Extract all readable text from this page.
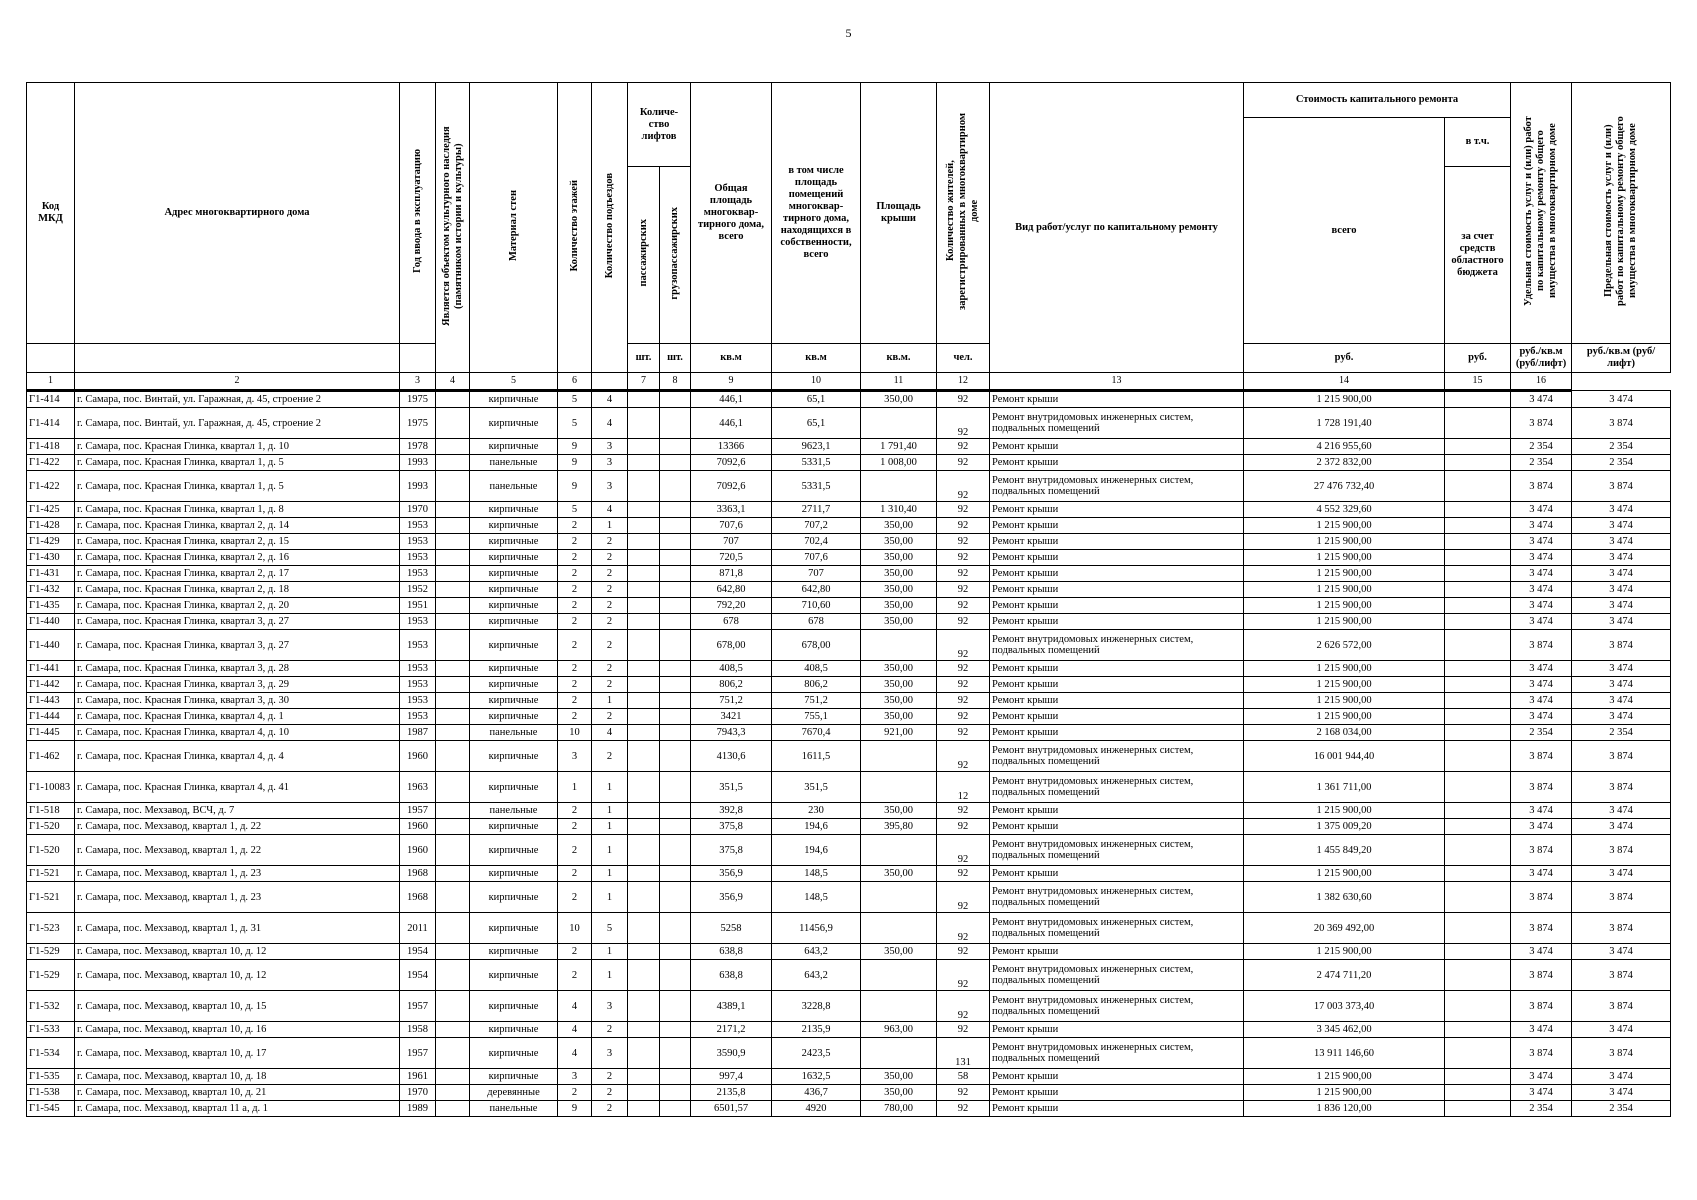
5
Код МКД	Адрес многоквартирного дома	Год ввода в эксплуатацию	Является объектом культурного наследия (памятником истории и культуры)	Материал стен	Количество этажей	Количество подъездов	Количе- ство лифтов		Общая площадь многоквар- тирного дома, всего	в том числе площадь помещений многоквар- тирного дома, находящихся в собственности, всего	Площадь крыши	Количество жителей, зарегистрированных в многоквартирном доме	Вид работ/услуг по капитальному ремонту	Стоимость капитального ремонта		Удельная стоимость услуг и (или) работ по капитальному ремонту общего имущества в многоквартирном доме	Предельная стоимость услуг и (или) работ по капитальному ремонту общего имущества в многоквартирном доме
														всего	в т.ч.		
							пассажирских	грузопассажирских							за счет средств областного бюджета		

							шт.	шт.	кв.м	кв.м	кв.м.	чел.		руб.	руб.	руб./кв.м (руб/лифт)	руб./кв.м (руб/лифт)
1	2	3	4	5	6		7	8	9	10	11	12	13	14	15	16	
Г1-414	г. Самара, пос. Винтай, ул. Гаражная, д. 45, строение 2	1975		кирпичные	5	4			446,1	65,1	350,00	92	Ремонт крыши	1 215 900,00		3 474	3 474
Г1-414	г. Самара, пос. Винтай, ул. Гаражная, д. 45, строение 2	1975		кирпичные	5	4			446,1	65,1		92	Ремонт внутридомовых инженерных систем, подвальных помещений	1 728 191,40		3 874	3 874
Г1-418	г. Самара, пос. Красная Глинка, квартал 1, д. 10	1978		кирпичные	9	3			13366	9623,1	1 791,40	92	Ремонт крыши	4 216 955,60		2 354	2 354
Г1-422	г. Самара, пос. Красная Глинка, квартал 1, д. 5	1993		панельные	9	3			7092,6	5331,5	1 008,00	92	Ремонт крыши	2 372 832,00		2 354	2 354
Г1-422	г. Самара, пос. Красная Глинка, квартал 1, д. 5	1993		панельные	9	3			7092,6	5331,5		92	Ремонт внутридомовых инженерных систем, подвальных помещений	27 476 732,40		3 874	3 874
Г1-425	г. Самара, пос. Красная Глинка, квартал 1, д. 8	1970		кирпичные	5	4			3363,1	2711,7	1 310,40	92	Ремонт крыши	4 552 329,60		3 474	3 474
Г1-428	г. Самара, пос. Красная Глинка, квартал 2, д. 14	1953		кирпичные	2	1			707,6	707,2	350,00	92	Ремонт крыши	1 215 900,00		3 474	3 474
Г1-429	г. Самара, пос. Красная Глинка, квартал 2, д. 15	1953		кирпичные	2	2			707	702,4	350,00	92	Ремонт крыши	1 215 900,00		3 474	3 474
Г1-430	г. Самара, пос. Красная Глинка, квартал 2, д. 16	1953		кирпичные	2	2			720,5	707,6	350,00	92	Ремонт крыши	1 215 900,00		3 474	3 474
Г1-431	г. Самара, пос. Красная Глинка, квартал 2, д. 17	1953		кирпичные	2	2			871,8	707	350,00	92	Ремонт крыши	1 215 900,00		3 474	3 474
Г1-432	г. Самара, пос. Красная Глинка, квартал 2, д. 18	1952		кирпичные	2	2			642,80	642,80	350,00	92	Ремонт крыши	1 215 900,00		3 474	3 474
Г1-435	г. Самара, пос. Красная Глинка, квартал 2, д. 20	1951		кирпичные	2	2			792,20	710,60	350,00	92	Ремонт крыши	1 215 900,00		3 474	3 474
Г1-440	г. Самара, пос. Красная Глинка, квартал 3, д. 27	1953		кирпичные	2	2			678	678	350,00	92	Ремонт крыши	1 215 900,00		3 474	3 474
Г1-440	г. Самара, пос. Красная Глинка, квартал 3, д. 27	1953		кирпичные	2	2			678,00	678,00		92	Ремонт внутридомовых инженерных систем, подвальных помещений	2 626 572,00		3 874	3 874
Г1-441	г. Самара, пос. Красная Глинка, квартал 3, д. 28	1953		кирпичные	2	2			408,5	408,5	350,00	92	Ремонт крыши	1 215 900,00		3 474	3 474
Г1-442	г. Самара, пос. Красная Глинка, квартал 3, д. 29	1953		кирпичные	2	2			806,2	806,2	350,00	92	Ремонт крыши	1 215 900,00		3 474	3 474
Г1-443	г. Самара, пос. Красная Глинка, квартал 3, д. 30	1953		кирпичные	2	1			751,2	751,2	350,00	92	Ремонт крыши	1 215 900,00		3 474	3 474
Г1-444	г. Самара, пос. Красная Глинка, квартал 4, д. 1	1953		кирпичные	2	2			3421	755,1	350,00	92	Ремонт крыши	1 215 900,00		3 474	3 474
Г1-445	г. Самара, пос. Красная Глинка, квартал 4, д. 10	1987		панельные	10	4			7943,3	7670,4	921,00	92	Ремонт крыши	2 168 034,00		2 354	2 354
Г1-462	г. Самара, пос. Красная Глинка, квартал 4, д. 4	1960		кирпичные	3	2			4130,6	1611,5		92	Ремонт внутридомовых инженерных систем, подвальных помещений	16 001 944,40		3 874	3 874
Г1-10083	г. Самара, пос. Красная Глинка, квартал 4, д. 41	1963		кирпичные	1	1			351,5	351,5		12	Ремонт внутридомовых инженерных систем, подвальных помещений	1 361 711,00		3 874	3 874
Г1-518	г. Самара, пос. Мехзавод, ВСЧ, д. 7	1957		панельные	2	1			392,8	230	350,00	92	Ремонт крыши	1 215 900,00		3 474	3 474
Г1-520	г. Самара, пос. Мехзавод, квартал 1, д. 22	1960		кирпичные	2	1			375,8	194,6	395,80	92	Ремонт крыши	1 375 009,20		3 474	3 474
Г1-520	г. Самара, пос. Мехзавод, квартал 1, д. 22	1960		кирпичные	2	1			375,8	194,6		92	Ремонт внутридомовых инженерных систем, подвальных помещений	1 455 849,20		3 874	3 874
Г1-521	г. Самара, пос. Мехзавод, квартал 1, д. 23	1968		кирпичные	2	1			356,9	148,5	350,00	92	Ремонт крыши	1 215 900,00		3 474	3 474
Г1-521	г. Самара, пос. Мехзавод, квартал 1, д. 23	1968		кирпичные	2	1			356,9	148,5		92	Ремонт внутридомовых инженерных систем, подвальных помещений	1 382 630,60		3 874	3 874
Г1-523	г. Самара, пос. Мехзавод, квартал 1, д. 31	2011		кирпичные	10	5			5258	11456,9		92	Ремонт внутридомовых инженерных систем, подвальных помещений	20 369 492,00		3 874	3 874
Г1-529	г. Самара, пос. Мехзавод, квартал 10, д. 12	1954		кирпичные	2	1			638,8	643,2	350,00	92	Ремонт крыши	1 215 900,00		3 474	3 474
Г1-529	г. Самара, пос. Мехзавод, квартал 10, д. 12	1954		кирпичные	2	1			638,8	643,2		92	Ремонт внутридомовых инженерных систем, подвальных помещений	2 474 711,20		3 874	3 874
Г1-532	г. Самара, пос. Мехзавод, квартал 10, д. 15	1957		кирпичные	4	3			4389,1	3228,8		92	Ремонт внутридомовых инженерных систем, подвальных помещений	17 003 373,40		3 874	3 874
Г1-533	г. Самара, пос. Мехзавод, квартал 10, д. 16	1958		кирпичные	4	2			2171,2	2135,9	963,00	92	Ремонт крыши	3 345 462,00		3 474	3 474
Г1-534	г. Самара, пос. Мехзавод, квартал 10, д. 17	1957		кирпичные	4	3			3590,9	2423,5		131	Ремонт внутридомовых инженерных систем, подвальных помещений	13 911 146,60		3 874	3 874
Г1-535	г. Самара, пос. Мехзавод, квартал 10, д. 18	1961		кирпичные	3	2			997,4	1632,5	350,00	58	Ремонт крыши	1 215 900,00		3 474	3 474
Г1-538	г. Самара, пос. Мехзавод, квартал 10, д. 21	1970		деревянные	2	2			2135,8	436,7	350,00	92	Ремонт крыши	1 215 900,00		3 474	3 474
Г1-545	г. Самара, пос. Мехзавод, квартал 11 а, д. 1	1989		панельные	9	2			6501,57	4920	780,00	92	Ремонт крыши	1 836 120,00		2 354	2 354
